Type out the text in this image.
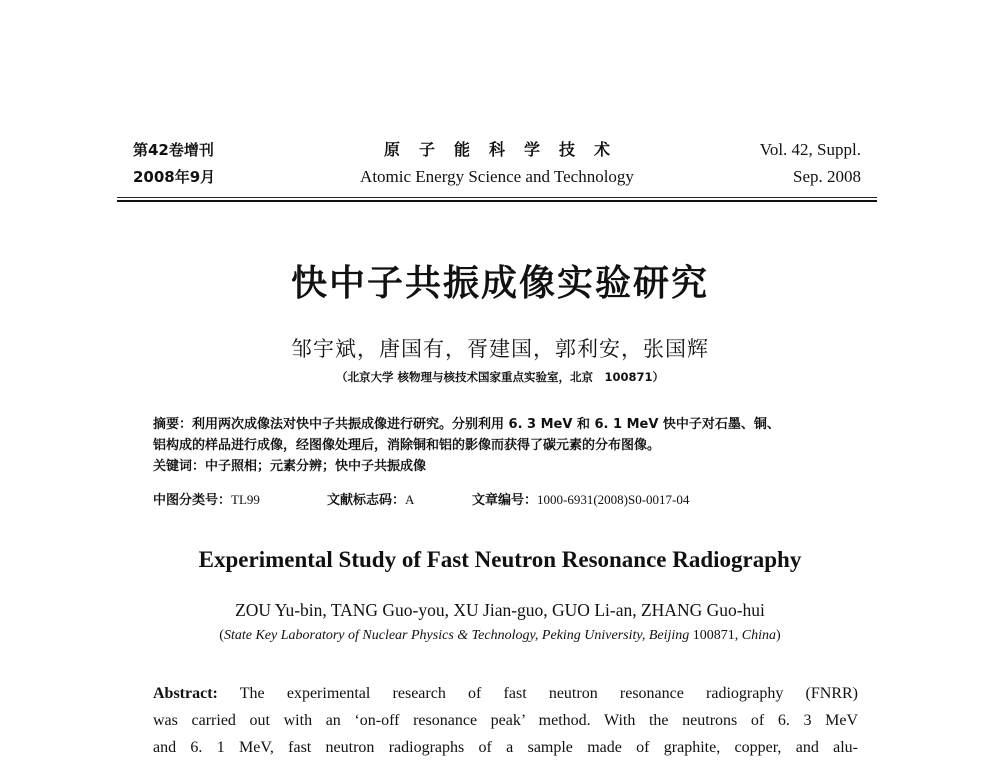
第42卷增刊	原子能科学技术	Vol. 42, Suppl.
2008年9月	Atomic Energy Science and Technology	Sep. 2008
快中子共振成像实验研究
邹宇斌，唐国有，胥建国，郭利安，张国辉
（北京大学 核物理与核技术国家重点实验室，北京　100871）
摘要：利用两次成像法对快中子共振成像进行研究。分别利用 6. 3 MeV 和 6. 1 MeV 快中子对石墨、铜、
铝构成的样品进行成像，经图像处理后，消除铜和铝的影像而获得了碳元素的分布图像。
关键词：中子照相；元素分辨；快中子共振成像
中图分类号：TL99	文献标志码：A	文章编号：1000-6931(2008)S0-0017-04
Experimental Study of Fast Neutron Resonance Radiography
ZOU Yu-bin, TANG Guo-you, XU Jian-guo, GUO Li-an, ZHANG Guo-hui
(State Key Laboratory of Nuclear Physics & Technology, Peking University, Beijing 100871, China)
Abstract: The experimental research of fast neutron resonance radiography (FNRR)
was carried out with an ‘on-off resonance peak’ method. With the neutrons of 6. 3 MeV
and 6. 1 MeV, fast neutron radiographs of a sample made of graphite, copper, and alu-
